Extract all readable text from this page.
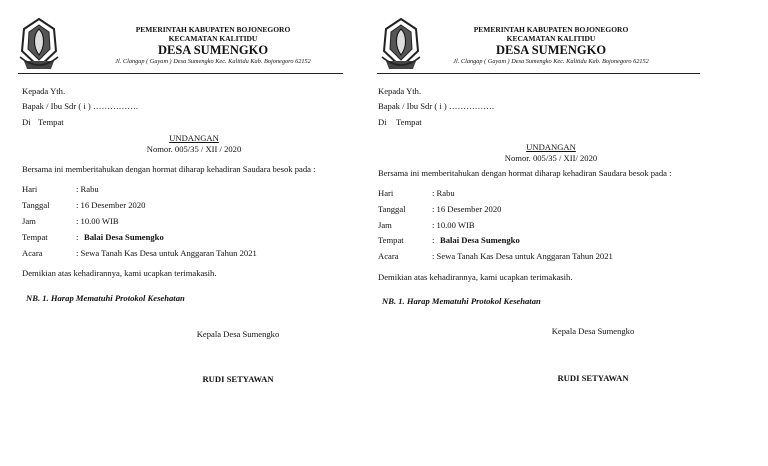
PEMERINTAH KABUPATEN BOJONEGORO
KECAMATAN KALITIDU
DESA SUMENGKO
Jl. Clangap ( Gayam ) Desa Sumengko Kec. Kalitidu Kab. Bojonegoro 62152
Kepada Yth.
Bapak / Ibu Sdr ( i ) …………….
Di Tempat
UNDANGAN
Nomor. 005/35 / XII / 2020
Bersama ini memberitahukan dengan hormat diharap kehadiran Saudara besok pada :
Hari	: Rabu
Tanggal	: 16 Desember 2020
Jam	: 10.00 WIB
Tempat	: Balai Desa Sumengko
Acara	: Sewa Tanah Kas Desa untuk Anggaran Tahun 2021
Demikian atas kehadirannya, kami ucapkan terimakasih.
NB. 1. Harap Mematuhi Protokol Kesehatan
Kepala Desa Sumengko
RUDI SETYAWAN
PEMERINTAH KABUPATEN BOJONEGORO
KECAMATAN KALITIDU
DESA SUMENGKO
Jl. Clangap ( Gayam ) Desa Sumengko Kec. Kalitidu Kab. Bojonegoro 62152
Kepada Yth.
Bapak / Ibu Sdr ( i ) …………….
Di Tempat
UNDANGAN
Nomor. 005/35 / XII/ 2020
Bersama ini memberitahukan dengan hormat diharap kehadiran Saudara besok pada :
Hari	: Rabu
Tanggal	: 16 Desember 2020
Jam	: 10.00 WIB
Tempat	: Balai Desa Sumengko
Acara	: Sewa Tanah Kas Desa untuk Anggaran Tahun 2021
Demikian atas kehadirannya, kami ucapkan terimakasih.
NB. 1. Harap Mematuhi Protokol Kesehatan
Kepala Desa Sumengko
RUDI SETYAWAN
